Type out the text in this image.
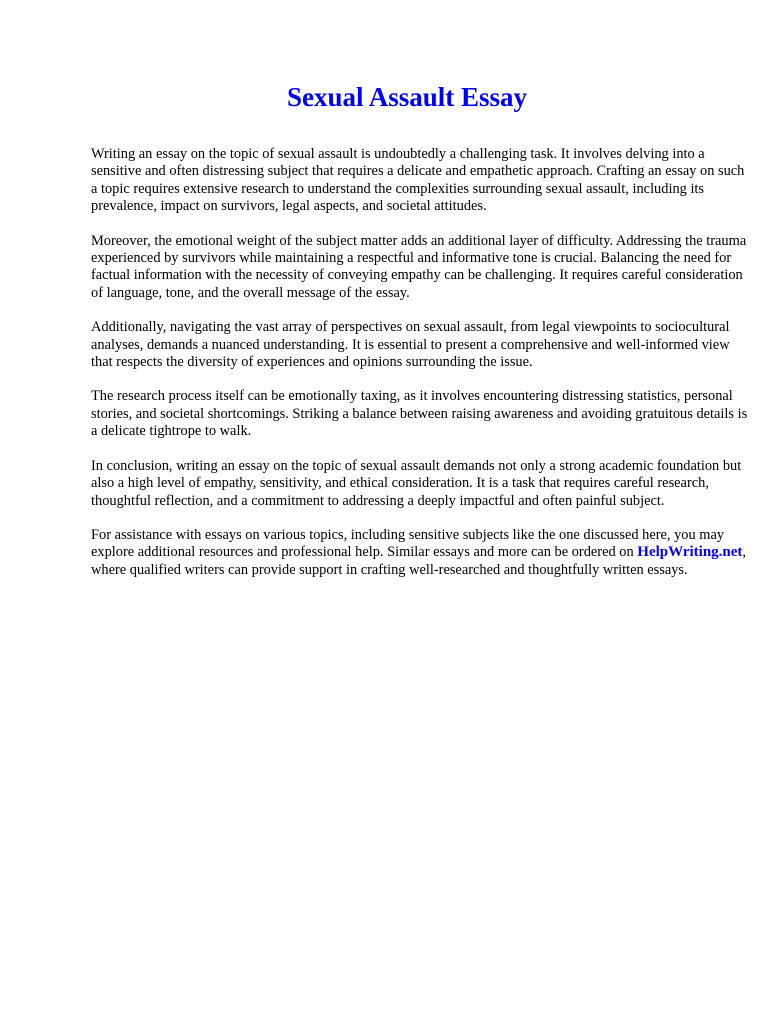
Sexual Assault Essay

Writing an essay on the topic of sexual assault is undoubtedly a challenging task. It involves delving into a sensitive and often distressing subject that requires a delicate and empathetic approach. Crafting an essay on such a topic requires extensive research to understand the complexities surrounding sexual assault, including its prevalence, impact on survivors, legal aspects, and societal attitudes.

Moreover, the emotional weight of the subject matter adds an additional layer of difficulty. Addressing the trauma experienced by survivors while maintaining a respectful and informative tone is crucial. Balancing the need for factual information with the necessity of conveying empathy can be challenging. It requires careful consideration of language, tone, and the overall message of the essay.

Additionally, navigating the vast array of perspectives on sexual assault, from legal viewpoints to sociocultural analyses, demands a nuanced understanding. It is essential to present a comprehensive and well-informed view that respects the diversity of experiences and opinions surrounding the issue.

The research process itself can be emotionally taxing, as it involves encountering distressing statistics, personal stories, and societal shortcomings. Striking a balance between raising awareness and avoiding gratuitous details is a delicate tightrope to walk.

In conclusion, writing an essay on the topic of sexual assault demands not only a strong academic foundation but also a high level of empathy, sensitivity, and ethical consideration. It is a task that requires careful research, thoughtful reflection, and a commitment to addressing a deeply impactful and often painful subject.

For assistance with essays on various topics, including sensitive subjects like the one discussed here, you may explore additional resources and professional help. Similar essays and more can be ordered on HelpWriting.net, where qualified writers can provide support in crafting well-researched and thoughtfully written essays.
